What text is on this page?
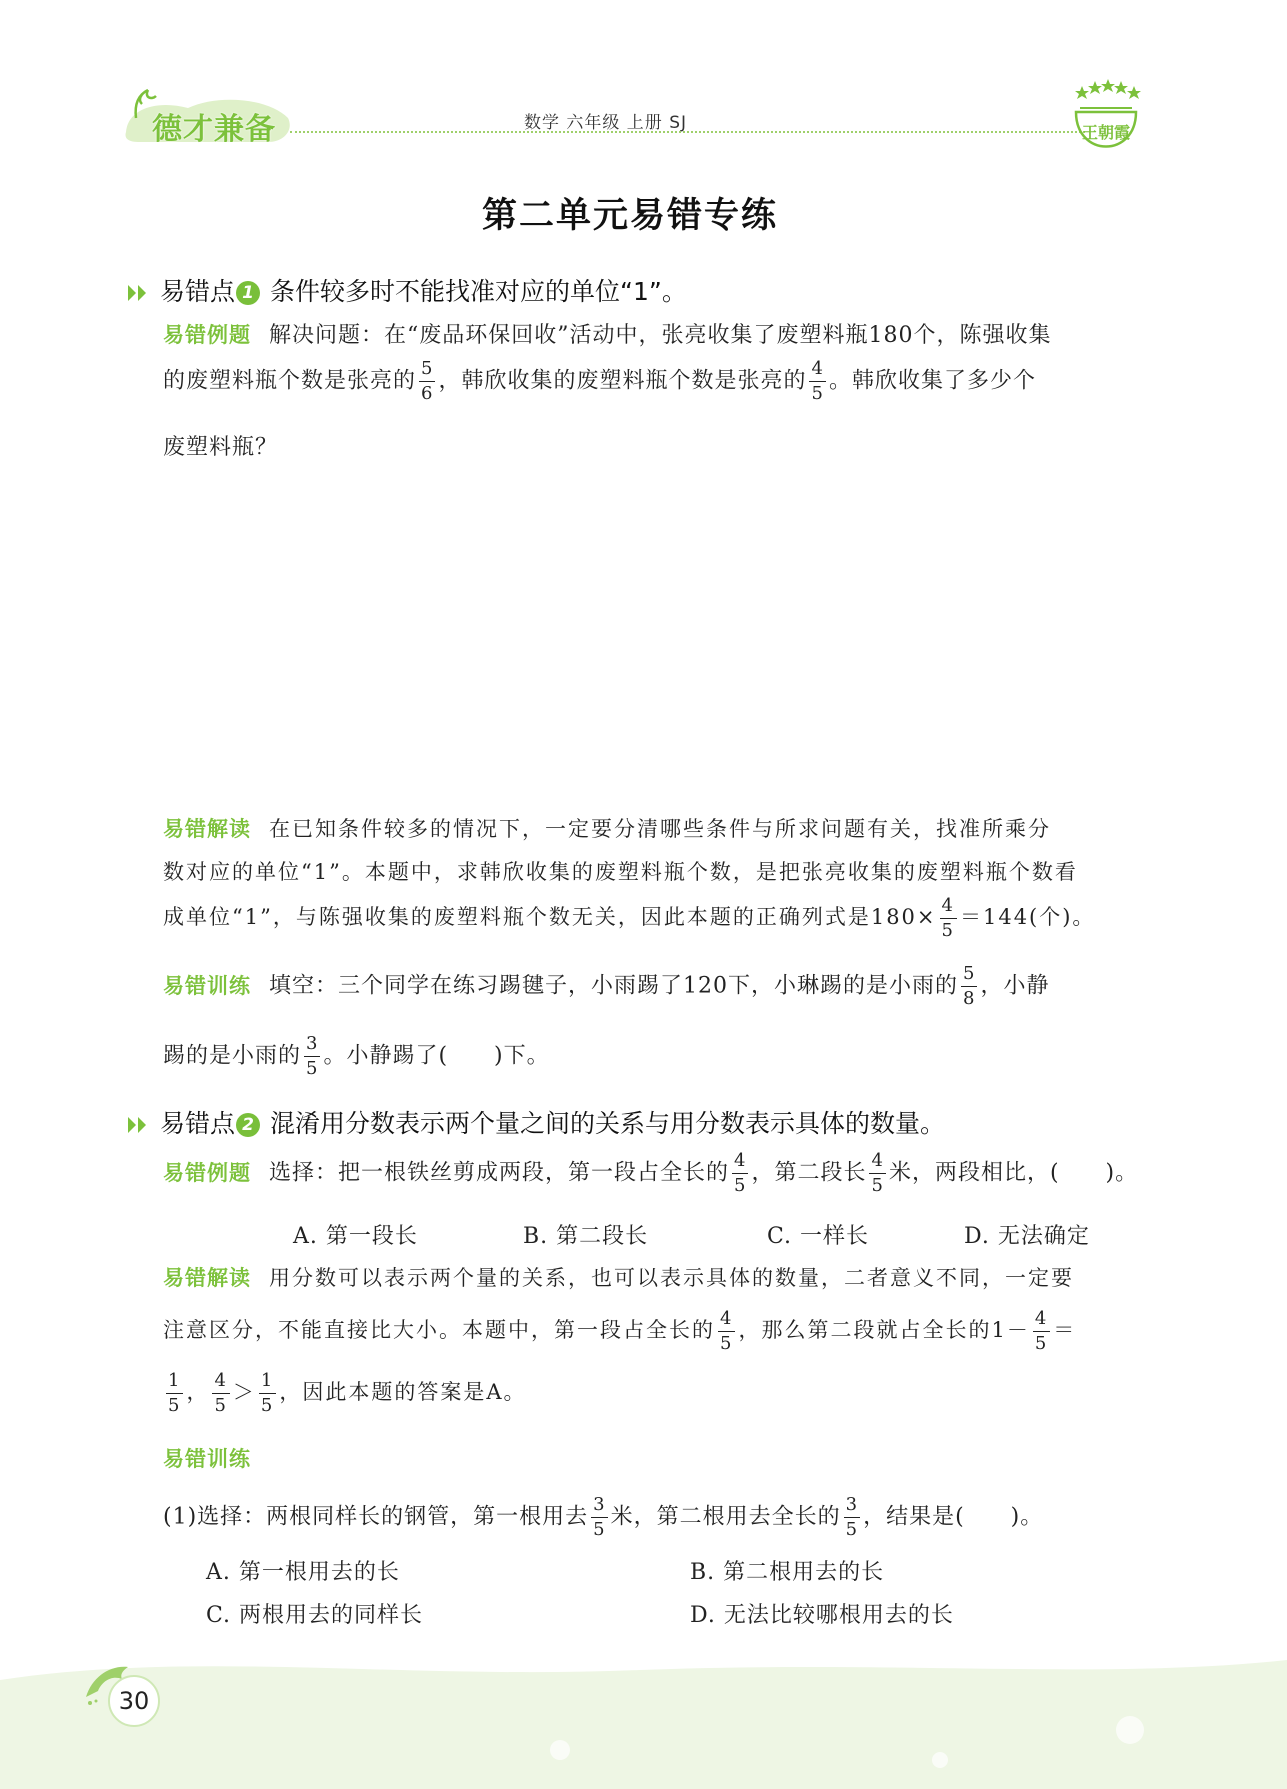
德才兼备	数学 六年级 上册 SJ	王朝霞
第二单元易错专练
易错点 1 条件较多时不能找准对应的单位“1”。
易错例题 解决问题：在“废品环保回收”活动中，张亮收集了废塑料瓶180个，陈强收集
的废塑料瓶个数是张亮的 $\frac{5}{6}$ ，韩欣收集的废塑料瓶个数是张亮的 $\frac{4}{5}$ 。韩欣收集了多少个
废塑料瓶？
易错解读 在已知条件较多的情况下，一定要分清哪些条件与所求问题有关，找准所乘分
数对应的单位“1”。本题中，求韩欣收集的废塑料瓶个数，是把张亮收集的废塑料瓶个数看
成单位“1”，与陈强收集的废塑料瓶个数无关，因此本题的正确列式是$180\times \frac{4}{5} =144$(个)。
易错训练 填空：三个同学在练习踢毽子，小雨踢了120下，小琳踢的是小雨的 $\frac{5}{8}$ ，小静
踢的是小雨的 $\frac{3}{5}$ 。小静踢了(　　)下。
易错点 2 混淆用分数表示两个量之间的关系与用分数表示具体的数量。
易错例题 选择：把一根铁丝剪成两段，第一段占全长的 $\frac{4}{5}$ ，第二段长 $\frac{4}{5}$ 米，两段相比，(　　)。
A. 第一段长	B. 第二段长	C. 一样长	D. 无法确定
易错解读 用分数可以表示两个量的关系，也可以表示具体的数量，二者意义不同，一定要
注意区分，不能直接比大小。本题中，第一段占全长的 $\frac{4}{5}$ ，那么第二段就占全长的$1- \frac{4}{5}$ ＝
$\frac{1}{5}$ ， $\frac{4}{5} > \frac{1}{5}$ ，因此本题的答案是A。
易错训练
(1)选择：两根同样长的钢管，第一根用去 $\frac{3}{5}$ 米，第二根用去全长的 $\frac{3}{5}$ ，结果是(　　)。
A. 第一根用去的长	B. 第二根用去的长
C. 两根用去的同样长	D. 无法比较哪根用去的长
30
